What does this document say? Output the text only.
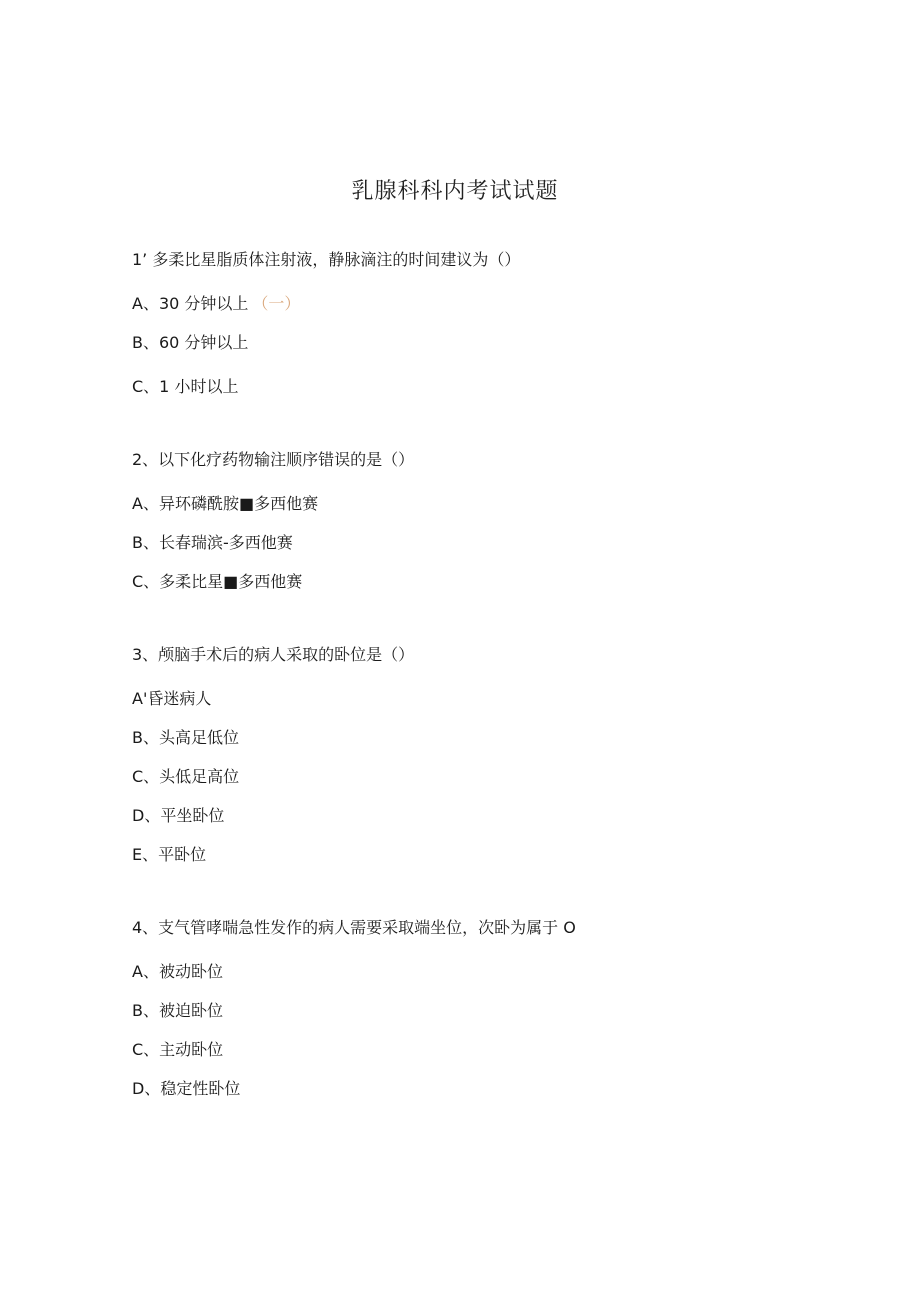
乳腺科科内考试试题
1’ 多柔比星脂质体注射液，静脉滴注的时间建议为（）
A、30 分钟以上 （一）
B、60 分钟以上
C、1 小时以上
2、以下化疗药物输注顺序错误的是（）
A、异环磷酰胺■多西他赛
B、长春瑞滨-多西他赛
C、多柔比星■多西他赛
3、颅脑手术后的病人采取的卧位是（）
A'昏迷病人
B、头高足低位
C、头低足高位
D、平坐卧位
E、平卧位
4、支气管哮喘急性发作的病人需要采取端坐位，次卧为属于 O
A、被动卧位
B、被迫卧位
C、主动卧位
D、稳定性卧位
